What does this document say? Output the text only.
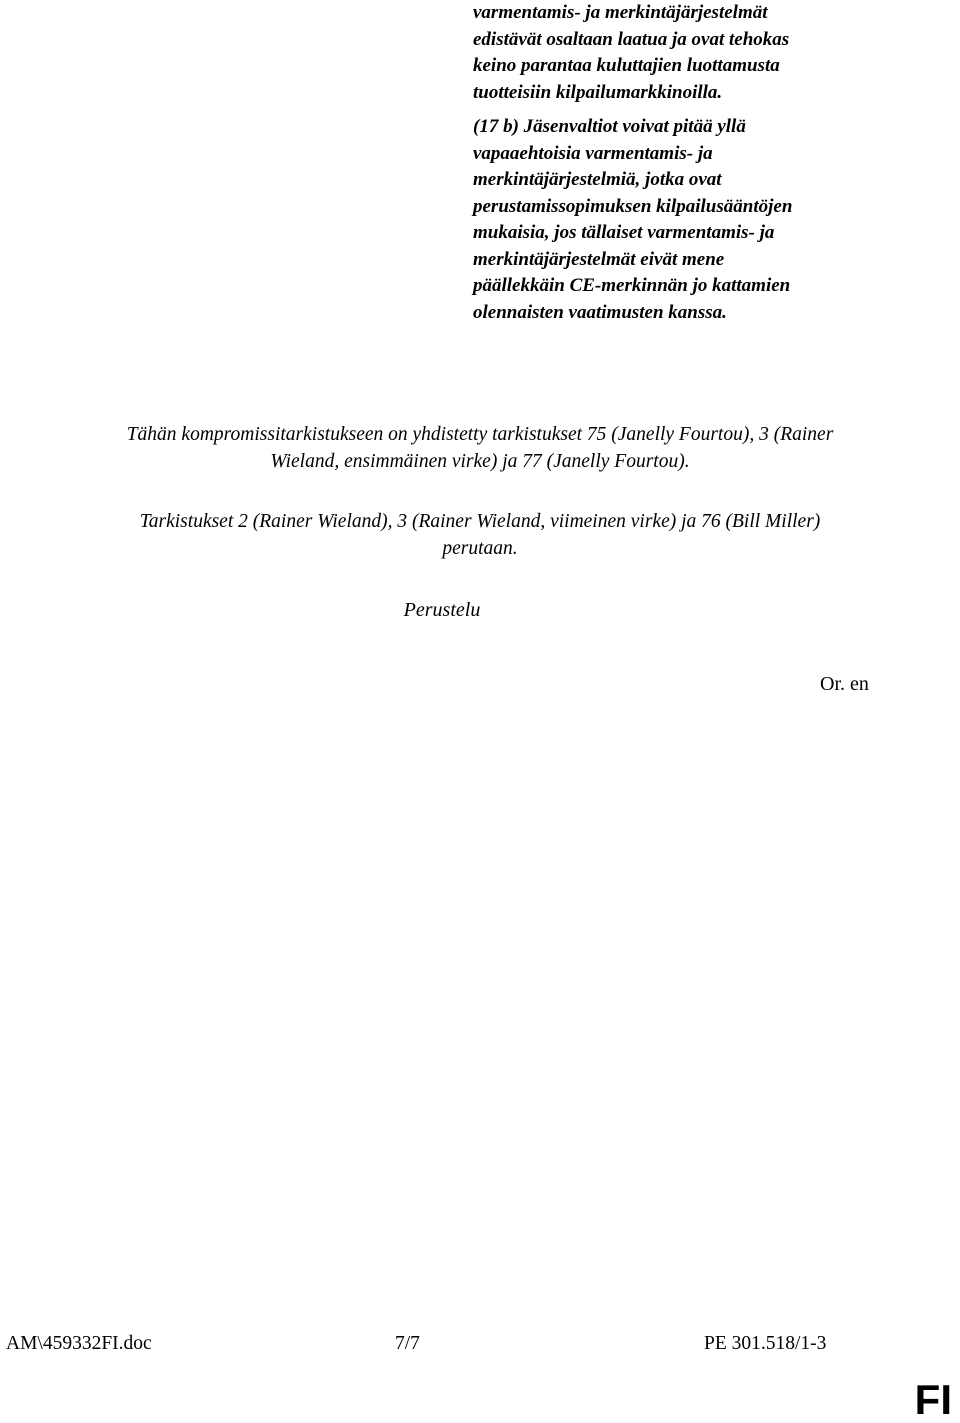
varmentamis- ja merkintäjärjestelmät
edistävät osaltaan laatua ja ovat tehokas
keino parantaa kuluttajien luottamusta
tuotteisiin kilpailumarkkinoilla.
(17 b) Jäsenvaltiot voivat pitää yllä
vapaaehtoisia varmentamis- ja
merkintäjärjestelmiä, jotka ovat
perustamissopimuksen kilpailusääntöjen
mukaisia, jos tällaiset varmentamis- ja
merkintäjärjestelmät eivät mene
päällekkäin CE-merkinnän jo kattamien
olennaisten vaatimusten kanssa.
Tähän kompromissitarkistukseen on yhdistetty tarkistukset 75 (Janelly Fourtou), 3 (Rainer
Wieland, ensimmäinen virke) ja 77 (Janelly Fourtou).
Tarkistukset 2 (Rainer Wieland), 3 (Rainer Wieland, viimeinen virke) ja 76 (Bill Miller)
perutaan.
Perustelu
Or. en
AM\459332FI.doc	7/7	PE 301.518/1-3
FI
